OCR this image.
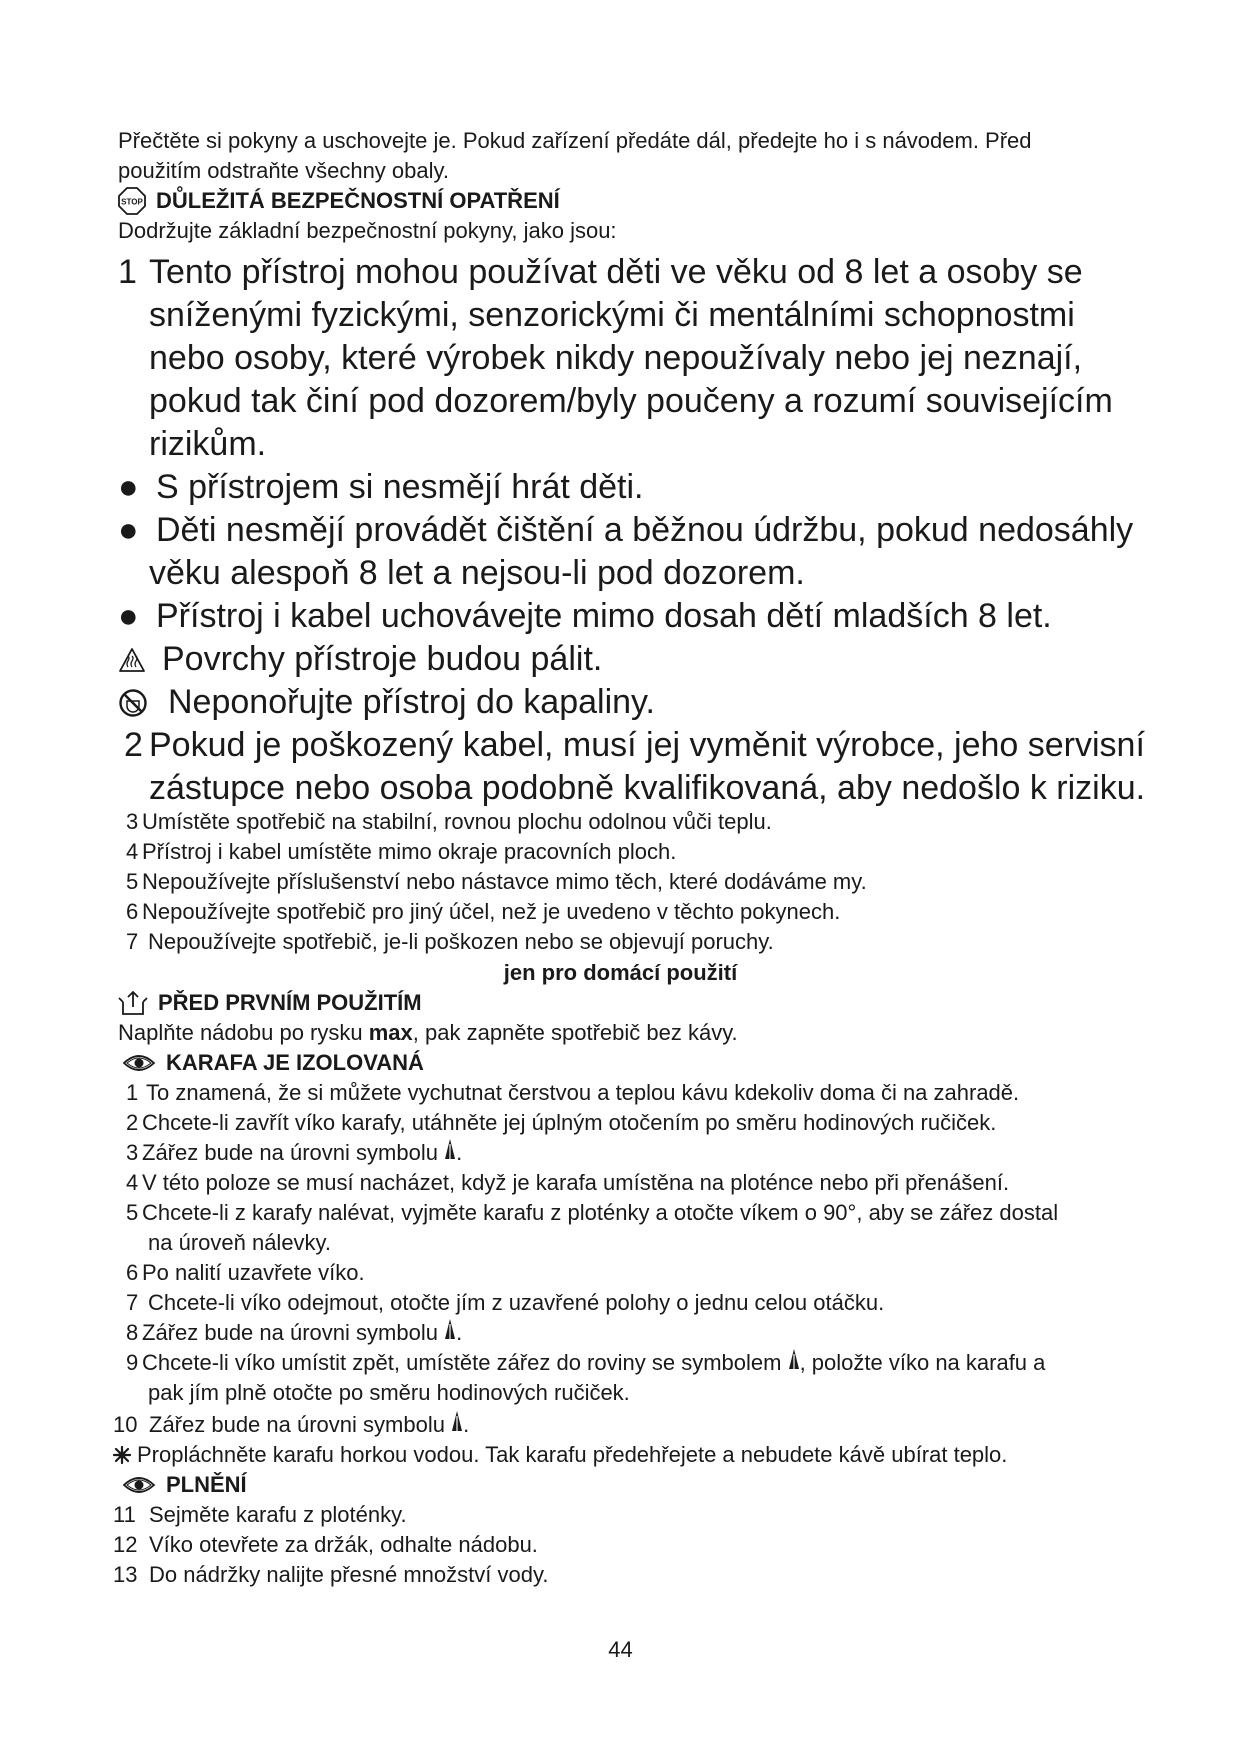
Přečtěte si pokyny a uschovejte je. Pokud zařízení předáte dál, předejte ho i s návodem. Před
použitím odstraňte všechny obaly.
STOP DŮLEŽITÁ BEZPEČNOSTNÍ OPATŘENÍ
Dodržujte základní bezpečnostní pokyny, jako jsou:
1 Tento přístroj mohou používat děti ve věku od 8 let a osoby se
sníženými fyzickými, senzorickými či mentálními schopnostmi
nebo osoby, které výrobek nikdy nepoužívaly nebo jej neznají,
pokud tak činí pod dozorem/byly poučeny a rozumí souvisejícím
rizikům.
● S přístrojem si nesmějí hrát děti.
● Děti nesmějí provádět čištění a běžnou údržbu, pokud nedosáhly
věku alespoň 8 let a nejsou-li pod dozorem.
● Přístroj i kabel uchovávejte mimo dosah dětí mladších 8 let.
Povrchy přístroje budou pálit.
Neponořujte přístroj do kapaliny.
2 Pokud je poškozený kabel, musí jej vyměnit výrobce, jeho servisní
zástupce nebo osoba podobně kvalifikovaná, aby nedošlo k riziku.
3 Umístěte spotřebič na stabilní, rovnou plochu odolnou vůči teplu.
4 Přístroj i kabel umístěte mimo okraje pracovních ploch.
5 Nepoužívejte příslušenství nebo nástavce mimo těch, které dodáváme my.
6 Nepoužívejte spotřebič pro jiný účel, než je uvedeno v těchto pokynech.
7 Nepoužívejte spotřebič, je-li poškozen nebo se objevují poruchy.
jen pro domácí použití
PŘED PRVNÍM POUŽITÍM
Naplňte nádobu po rysku max, pak zapněte spotřebič bez kávy.
KARAFA JE IZOLOVANÁ
1 To znamená, že si můžete vychutnat čerstvou a teplou kávu kdekoliv doma či na zahradě.
2 Chcete-li zavřít víko karafy, utáhněte jej úplným otočením po směru hodinových ručiček.
3 Zářez bude na úrovni symbolu
.
4 V této poloze se musí nacházet, když je karafa umístěna na ploténce nebo při přenášení.
5 Chcete-li z karafy nalévat, vyjměte karafu z ploténky a otočte víkem o 90°, aby se zářez dostal
na úroveň nálevky.
6 Po nalití uzavřete víko.
7 Chcete-li víko odejmout, otočte jím z uzavřené polohy o jednu celou otáčku.
8 Zářez bude na úrovni symbolu
.
9 Chcete-li víko umístit zpět, umístěte zářez do roviny se symbolem
, položte víko na karafu a
pak jím plně otočte po směru hodinových ručiček.
10 Zářez bude na úrovni symbolu
.
Propláchněte karafu horkou vodou. Tak karafu předehřejete a nebudete kávě ubírat teplo.
PLNĚNÍ
11 Sejměte karafu z ploténky.
12 Víko otevřete za držák, odhalte nádobu.
13 Do nádržky nalijte přesné množství vody.
44
